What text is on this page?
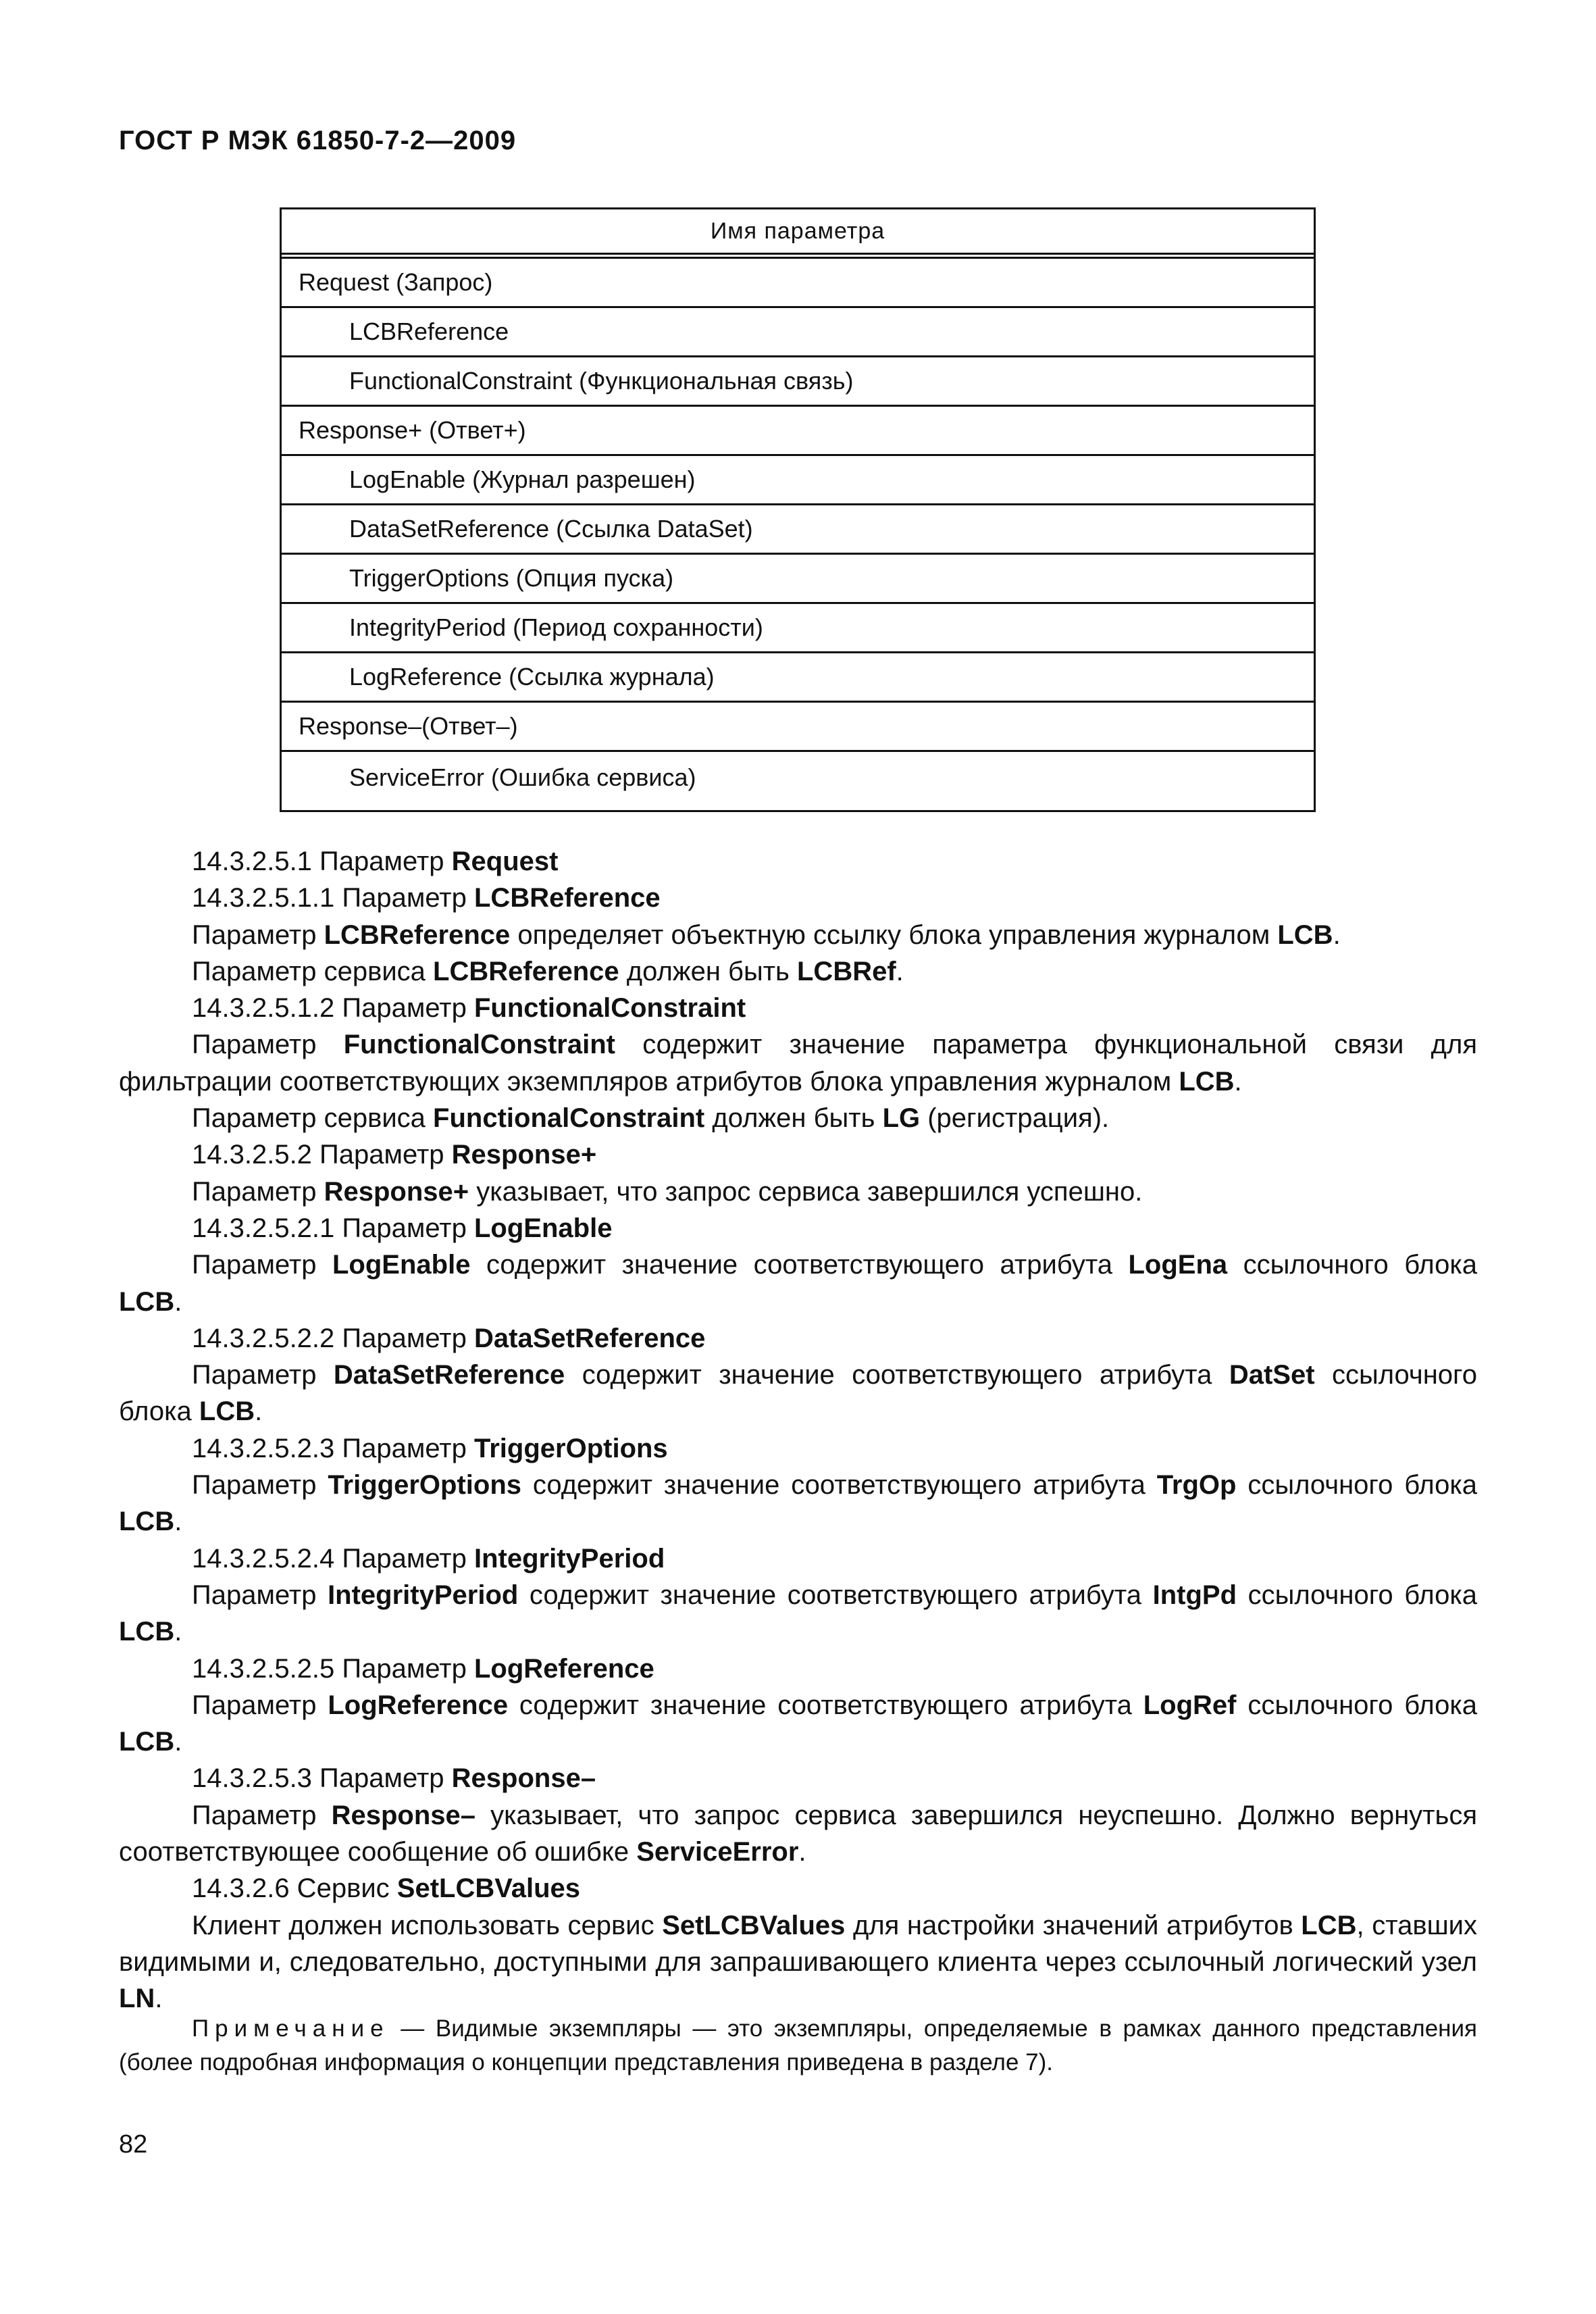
ГОСТ Р МЭК 61850-7-2—2009
Имя параметра
Request (Запрос)
LCBReference
FunctionalConstraint (Функциональная связь)
Response+ (Ответ+)
LogEnable (Журнал разрешен)
DataSetReference (Ссылка DataSet)
TriggerOptions (Опция пуска)
IntegrityPeriod (Период сохранности)
LogReference (Ссылка журнала)
Response–(Ответ–)
ServiceError (Ошибка сервиса)

14.3.2.5.1 Параметр Request

14.3.2.5.1.1 Параметр LCBReference

Параметр LCBReference определяет объектную ссылку блока управления журналом LCB.

Параметр сервиса LCBReference должен быть LCBRef.

14.3.2.5.1.2 Параметр FunctionalConstraint

Параметр FunctionalConstraint содержит значение параметра функциональной связи для фильтрации соответствующих экземпляров атрибутов блока управления журналом LCB.

Параметр сервиса FunctionalConstraint должен быть LG (регистрация).

14.3.2.5.2 Параметр Response+

Параметр Response+ указывает, что запрос сервиса завершился успешно.

14.3.2.5.2.1 Параметр LogEnable

Параметр LogEnable содержит значение соответствующего атрибута LogEna ссылочного блока LCB.

14.3.2.5.2.2 Параметр DataSetReference

Параметр DataSetReference содержит значение соответствующего атрибута DatSet ссылочного блока LCB.

14.3.2.5.2.3 Параметр TriggerOptions

Параметр TriggerOptions содержит значение соответствующего атрибута TrgOp ссылочного блока LCB.

14.3.2.5.2.4 Параметр IntegrityPeriod

Параметр IntegrityPeriod содержит значение соответствующего атрибута IntgPd ссылочного блока LCB.

14.3.2.5.2.5 Параметр LogReference

Параметр LogReference содержит значение соответствующего атрибута LogRef ссылочного блока LCB.

14.3.2.5.3 Параметр Response–

Параметр Response– указывает, что запрос сервиса завершился неуспешно. Должно вернуться соответствующее сообщение об ошибке ServiceError.

14.3.2.6 Сервис SetLCBValues

Клиент должен использовать сервис SetLCBValues для настройки значений атрибутов LCB, ставших видимыми и, следовательно, доступными для запрашивающего клиента через ссылочный логический узел LN.

Примечание — Видимые экземпляры — это экземпляры, определяемые в рамках данного представления (более подробная информация о концепции представления приведена в разделе 7).
82
